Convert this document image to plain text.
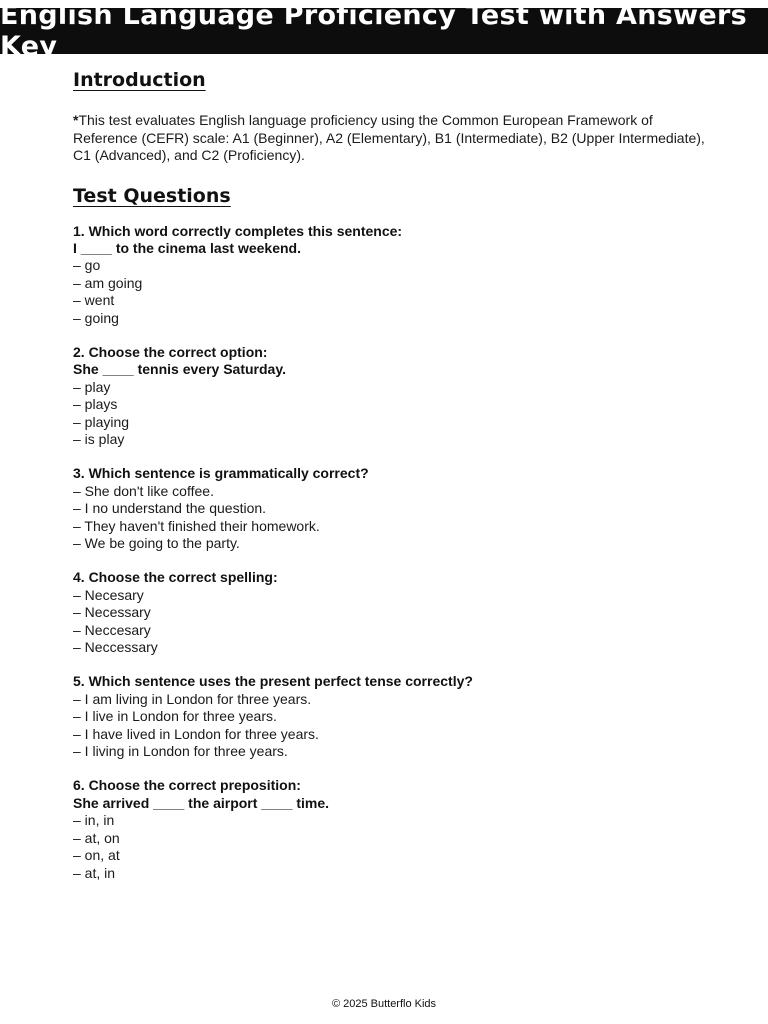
English Language Proficiency Test with Answers Key
Introduction

*This test evaluates English language proficiency using the Common European Framework of Reference (CEFR) scale: A1 (Beginner), A2 (Elementary), B1 (Intermediate), B2 (Upper Intermediate), C1 (Advanced), and C2 (Proficiency).

Test Questions
1. Which word correctly completes this sentence:
I ____ to the cinema last weekend.
– go
– am going
– went
– going
2. Choose the correct option:
She ____ tennis every Saturday.
– play
– plays
– playing
– is play
3. Which sentence is grammatically correct?
– She don't like coffee.
– I no understand the question.
– They haven't finished their homework.
– We be going to the party.
4. Choose the correct spelling:
– Necesary
– Necessary
– Neccesary
– Neccessary
5. Which sentence uses the present perfect tense correctly?
– I am living in London for three years.
– I live in London for three years.
– I have lived in London for three years.
– I living in London for three years.
6. Choose the correct preposition:
She arrived ____ the airport ____ time.
– in, in
– at, on
– on, at
– at, in
© 2025 Butterflo Kids
